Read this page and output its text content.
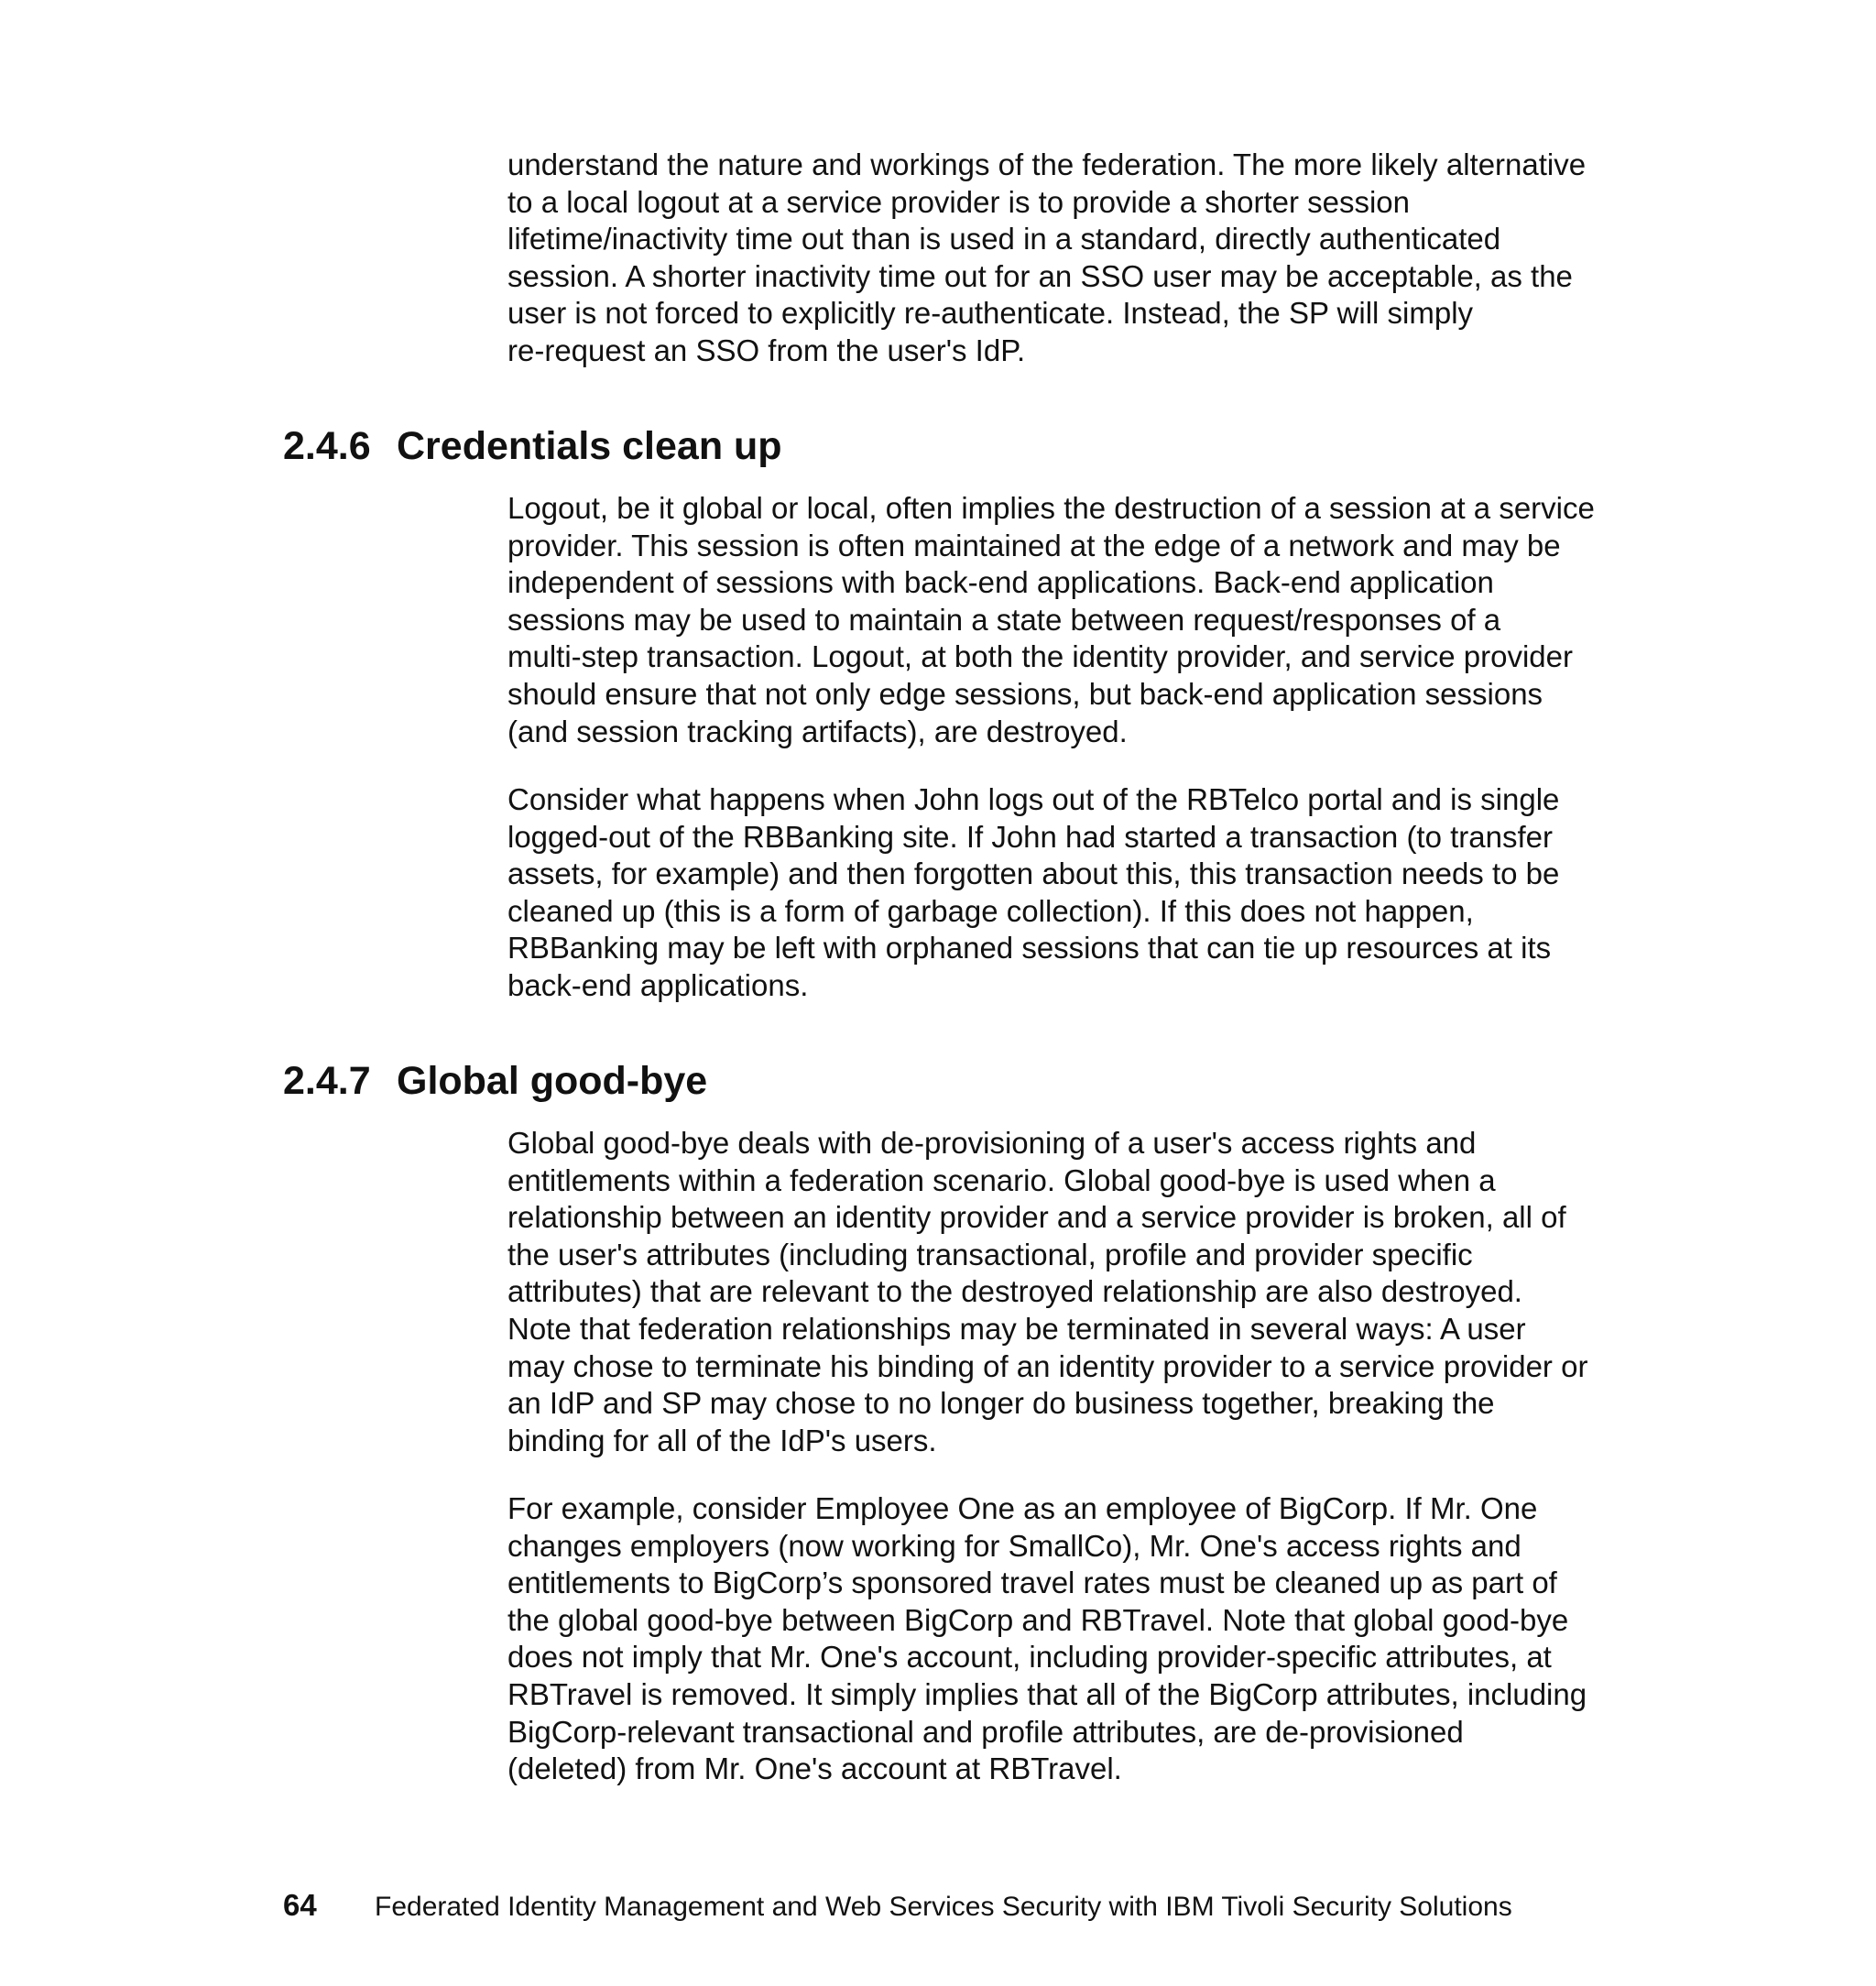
understand the nature and workings of the federation. The more likely alternative
to a local logout at a service provider is to provide a shorter session
lifetime/inactivity time out than is used in a standard, directly authenticated
session. A shorter inactivity time out for an SSO user may be acceptable, as the
user is not forced to explicitly re-authenticate. Instead, the SP will simply
re-request an SSO from the user's IdP.

2.4.6 Credentials clean up

Logout, be it global or local, often implies the destruction of a session at a service
provider. This session is often maintained at the edge of a network and may be
independent of sessions with back-end applications. Back-end application
sessions may be used to maintain a state between request/responses of a
multi-step transaction. Logout, at both the identity provider, and service provider
should ensure that not only edge sessions, but back-end application sessions
(and session tracking artifacts), are destroyed.

Consider what happens when John logs out of the RBTelco portal and is single
logged-out of the RBBanking site. If John had started a transaction (to transfer
assets, for example) and then forgotten about this, this transaction needs to be
cleaned up (this is a form of garbage collection). If this does not happen,
RBBanking may be left with orphaned sessions that can tie up resources at its
back-end applications.

2.4.7 Global good-bye

Global good-bye deals with de-provisioning of a user's access rights and
entitlements within a federation scenario. Global good-bye is used when a
relationship between an identity provider and a service provider is broken, all of
the user's attributes (including transactional, profile and provider specific
attributes) that are relevant to the destroyed relationship are also destroyed.
Note that federation relationships may be terminated in several ways: A user
may chose to terminate his binding of an identity provider to a service provider or
an IdP and SP may chose to no longer do business together, breaking the
binding for all of the IdP's users.

For example, consider Employee One as an employee of BigCorp. If Mr. One
changes employers (now working for SmallCo), Mr. One's access rights and
entitlements to BigCorp’s sponsored travel rates must be cleaned up as part of
the global good-bye between BigCorp and RBTravel. Note that global good-bye
does not imply that Mr. One's account, including provider-specific attributes, at
RBTravel is removed. It simply implies that all of the BigCorp attributes, including
BigCorp-relevant transactional and profile attributes, are de-provisioned
(deleted) from Mr. One's account at RBTravel.

64 Federated Identity Management and Web Services Security with IBM Tivoli Security Solutions
